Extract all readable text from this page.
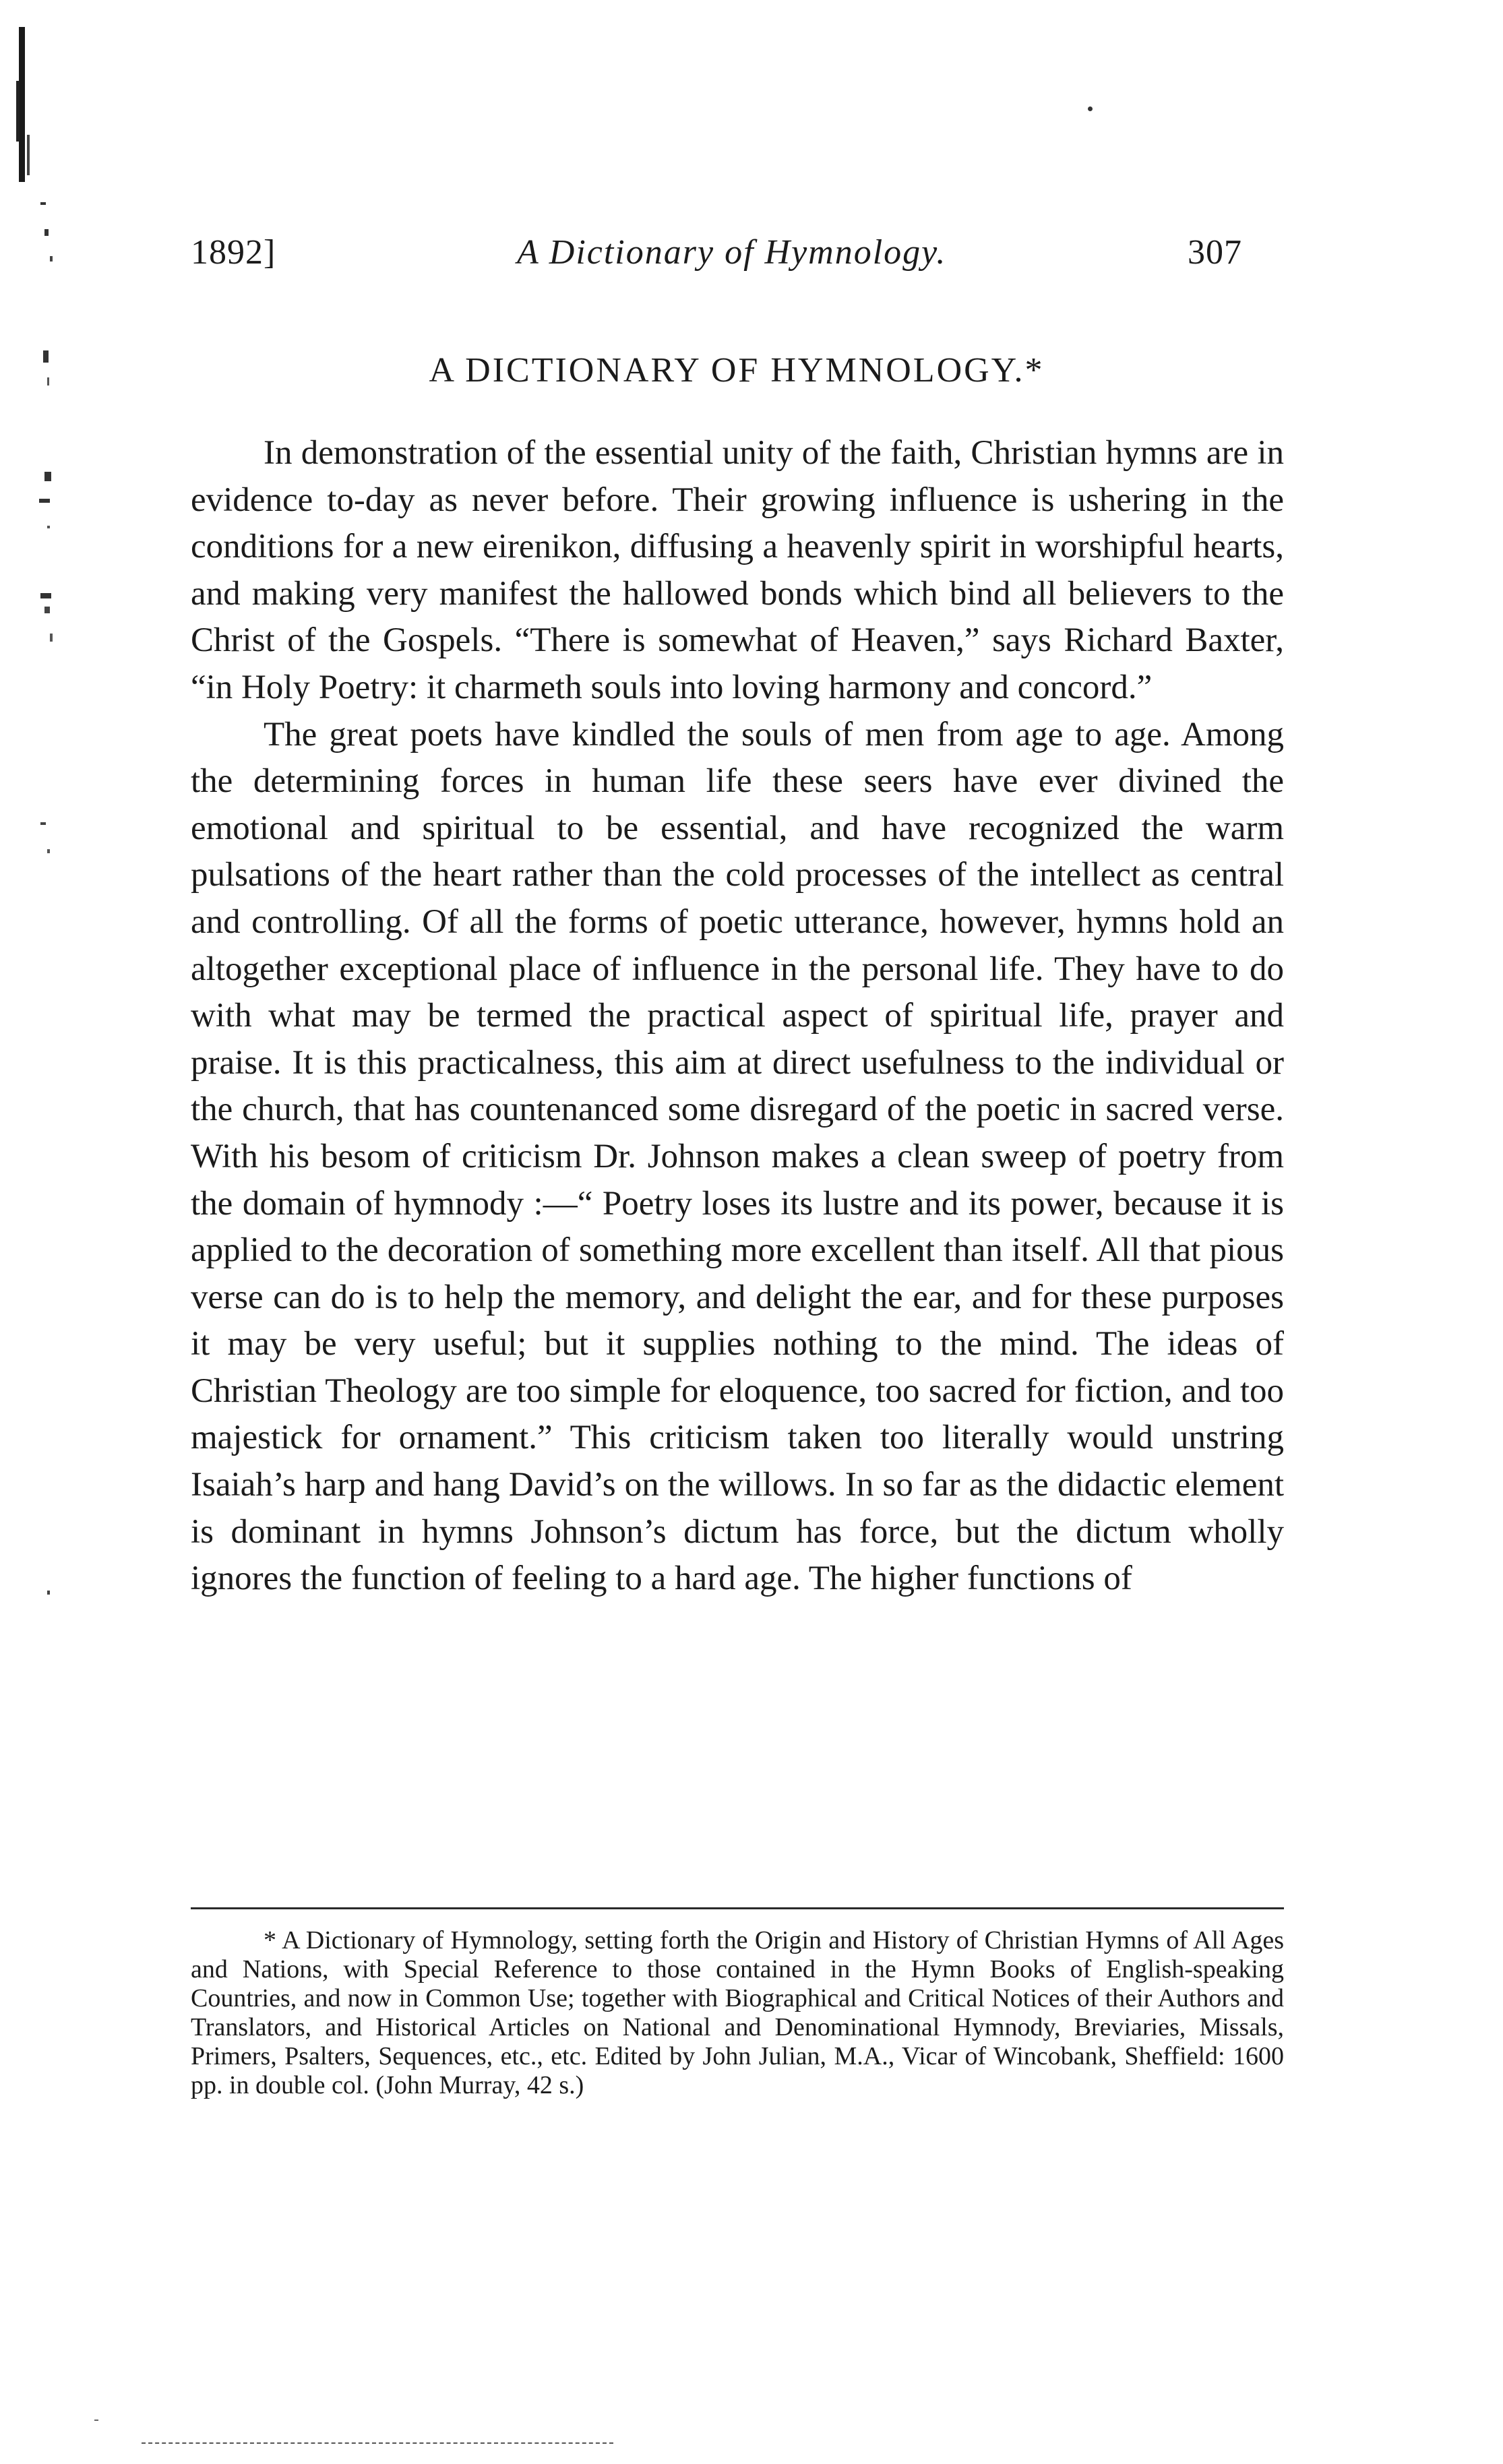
1892]	A Dictionary of Hymnology.	307
A DICTIONARY OF HYMNOLOGY.*

In demonstration of the essential unity of the faith, Christian hymns are in evidence to-day as never before. Their growing influence is ushering in the conditions for a new eirenikon, diffusing a heavenly spirit in worshipful hearts, and making very manifest the hallowed bonds which bind all believers to the Christ of the Gospels. “There is somewhat of Heaven,” says Richard Baxter, “in Holy Poetry: it charmeth souls into loving harmony and concord.”

The great poets have kindled the souls of men from age to age. Among the determining forces in human life these seers have ever divined the emotional and spiritual to be essential, and have recognized the warm pulsations of the heart rather than the cold processes of the intellect as central and controlling. Of all the forms of poetic utterance, however, hymns hold an altogether exceptional place of influence in the personal life. They have to do with what may be termed the practical aspect of spiritual life, prayer and praise. It is this practicalness, this aim at direct usefulness to the individual or the church, that has countenanced some disregard of the poetic in sacred verse. With his besom of criticism Dr. Johnson makes a clean sweep of poetry from the domain of hymnody :—“ Poetry loses its lustre and its power, because it is applied to the decoration of something more excellent than itself. All that pious verse can do is to help the memory, and delight the ear, and for these purposes it may be very useful; but it supplies nothing to the mind. The ideas of Christian Theology are too simple for eloquence, too sacred for fiction, and too majestick for ornament.” This criticism taken too literally would unstring Isaiah’s harp and hang David’s on the willows. In so far as the didactic element is dominant in hymns Johnson’s dictum has force, but the dictum wholly ignores the function of feeling to a hard age. The higher functions of

* A Dictionary of Hymnology, setting forth the Origin and History of Christian Hymns of All Ages and Nations, with Special Reference to those contained in the Hymn Books of English-speaking Countries, and now in Common Use; together with Biographical and Critical Notices of their Authors and Translators, and Historical Articles on National and Denominational Hymnody, Breviaries, Missals, Primers, Psalters, Sequences, etc., etc. Edited by John Julian, M.A., Vicar of Wincobank, Sheffield: 1600 pp. in double col. (John Murray, 42 s.)
